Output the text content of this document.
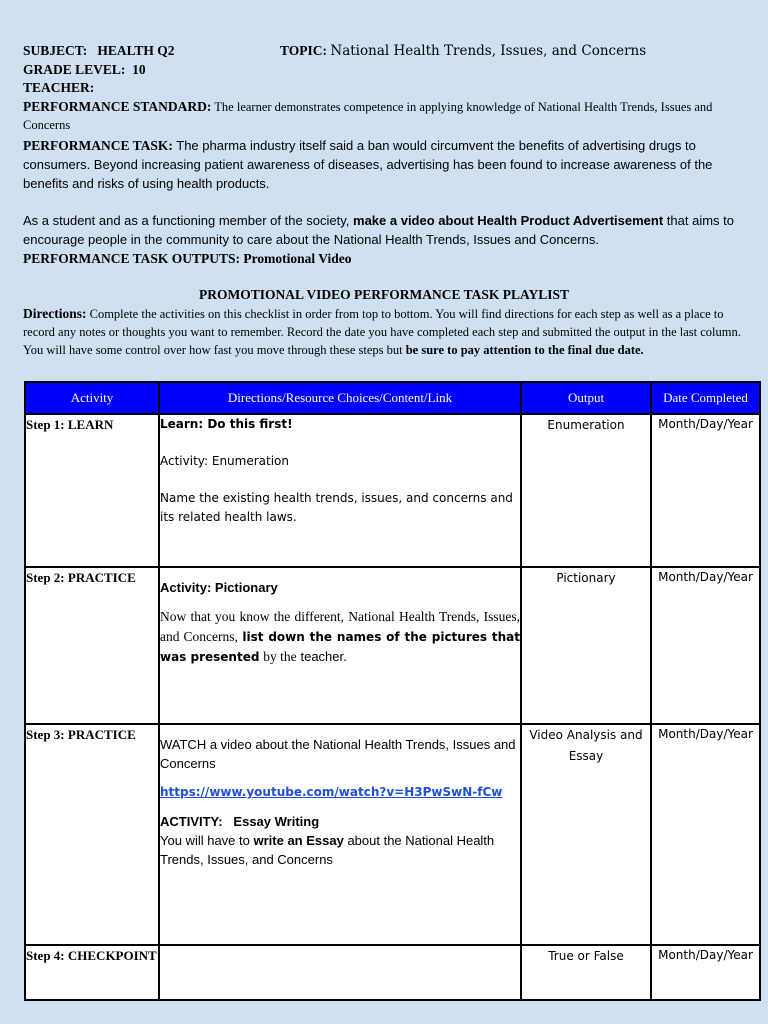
SUBJECT: HEALTH Q2	TOPIC: National Health Trends, Issues, and Concerns
GRADE LEVEL: 10
TEACHER:
PERFORMANCE STANDARD: The learner demonstrates competence in applying knowledge of National Health Trends, Issues and Concerns
PERFORMANCE TASK: The pharma industry itself said a ban would circumvent the benefits of advertising drugs to consumers. Beyond increasing patient awareness of diseases, advertising has been found to increase awareness of the benefits and risks of using health products.
As a student and as a functioning member of the society, make a video about Health Product Advertisement that aims to encourage people in the community to care about the National Health Trends, Issues and Concerns.
PERFORMANCE TASK OUTPUTS: Promotional Video
PROMOTIONAL VIDEO PERFORMANCE TASK PLAYLIST
Directions: Complete the activities on this checklist in order from top to bottom. You will find directions for each step as well as a place to record any notes or thoughts you want to remember. Record the date you have completed each step and submitted the output in the last column. You will have some control over how fast you move through these steps but be sure to pay attention to the final due date.
Activity	Directions/Resource Choices/Content/Link	Output	Date Completed
Step 1: LEARN	Learn: Do this first!
Activity: Enumeration
Name the existing health trends, issues, and concerns and its related health laws.	Enumeration	Month/Day/Year
Step 2: PRACTICE	Activity: Pictionary
Now that you know the different, National Health Trends, Issues, and Concerns, list down the names of the pictures that was presented by the teacher.	Pictionary	Month/Day/Year
Step 3: PRACTICE	WATCH a video about the National Health Trends, Issues and Concerns
https://www.youtube.com/watch?v=H3PwSwN-fCw
ACTIVITY:   Essay Writing
You will have to write an Essay about the National Health Trends, Issues, and Concerns	Video Analysis and Essay	Month/Day/Year
Step 4: CHECKPOINT		True or False	Month/Day/Year
